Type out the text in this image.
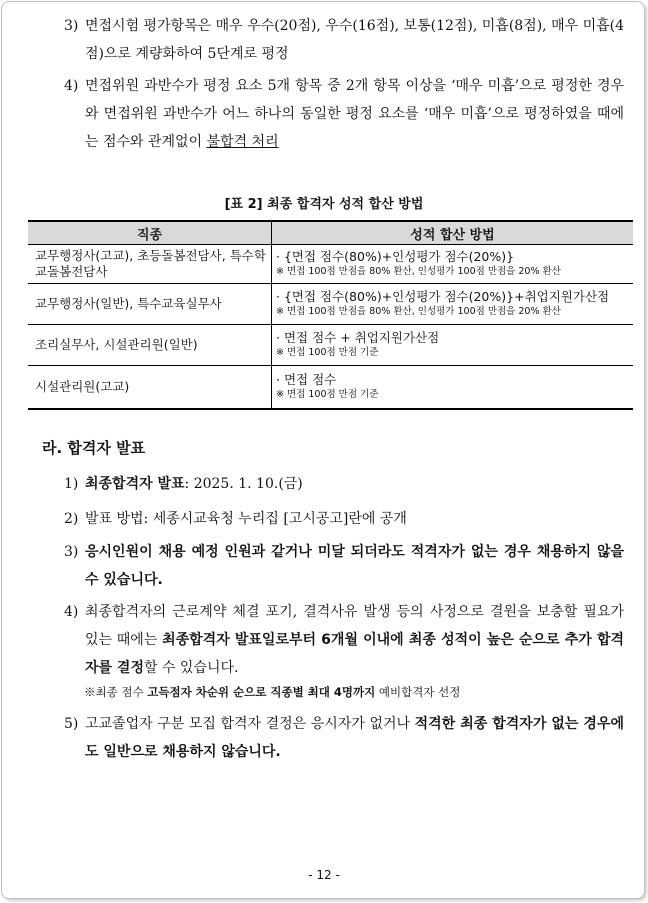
3) 면접시험 평가항목은 매우 우수(20점), 우수(16점), 보통(12점), 미흡(8점), 매우 미흡(4점)으로 계량화하여 5단계로 평정
4) 면접위원 과반수가 평정 요소 5개 항목 중 2개 항목 이상을 ‘매우 미흡’으로 평정한 경우와 면접위원 과반수가 어느 하나의 동일한 평정 요소를 ‘매우 미흡’으로 평정하였을 때에는 점수와 관계없이 불합격 처리
[표 2] 최종 합격자 성적 합산 방법
직종	성적 합산 방법
교무행정사(고교), 초등돌봄전담사, 특수학교돌봄전담사	· {면접 점수(80%)+인성평가 점수(20%)}
※ 면접 100점 만점을 80% 환산, 인성평가 100점 만점을 20% 환산

교무행정사(일반), 특수교육실무사	· {면접 점수(80%)+인성평가 점수(20%)}+취업지원가산점
※ 면접 100점 만점을 80% 환산, 인성평가 100점 만점을 20% 환산

조리실무사, 시설관리원(일반)	· 면접 점수 + 취업지원가산점
※ 면접 100점 만점 기준

시설관리원(고교)	· 면접 점수
※ 면접 100점 만점 기준
라. 합격자 발표
1) 최종합격자 발표: 2025. 1. 10.(금)
2) 발표 방법: 세종시교육청 누리집 [고시공고]란에 공개
3) 응시인원이 채용 예정 인원과 같거나 미달 되더라도 적격자가 없는 경우 채용하지 않을 수 있습니다.
4) 최종합격자의 근로계약 체결 포기, 결격사유 발생 등의 사정으로 결원을 보충할 필요가 있는 때에는 최종합격자 발표일로부터 6개월 이내에 최종 성적이 높은 순으로 추가 합격자를 결정할 수 있습니다.
※최종 점수 고득점자 차순위 순으로 직종별 최대 4명까지 예비합격자 선정
5) 고교졸업자 구분 모집 합격자 결정은 응시자가 없거나 적격한 최종 합격자가 없는 경우에도 일반으로 채용하지 않습니다.
- 12 -
